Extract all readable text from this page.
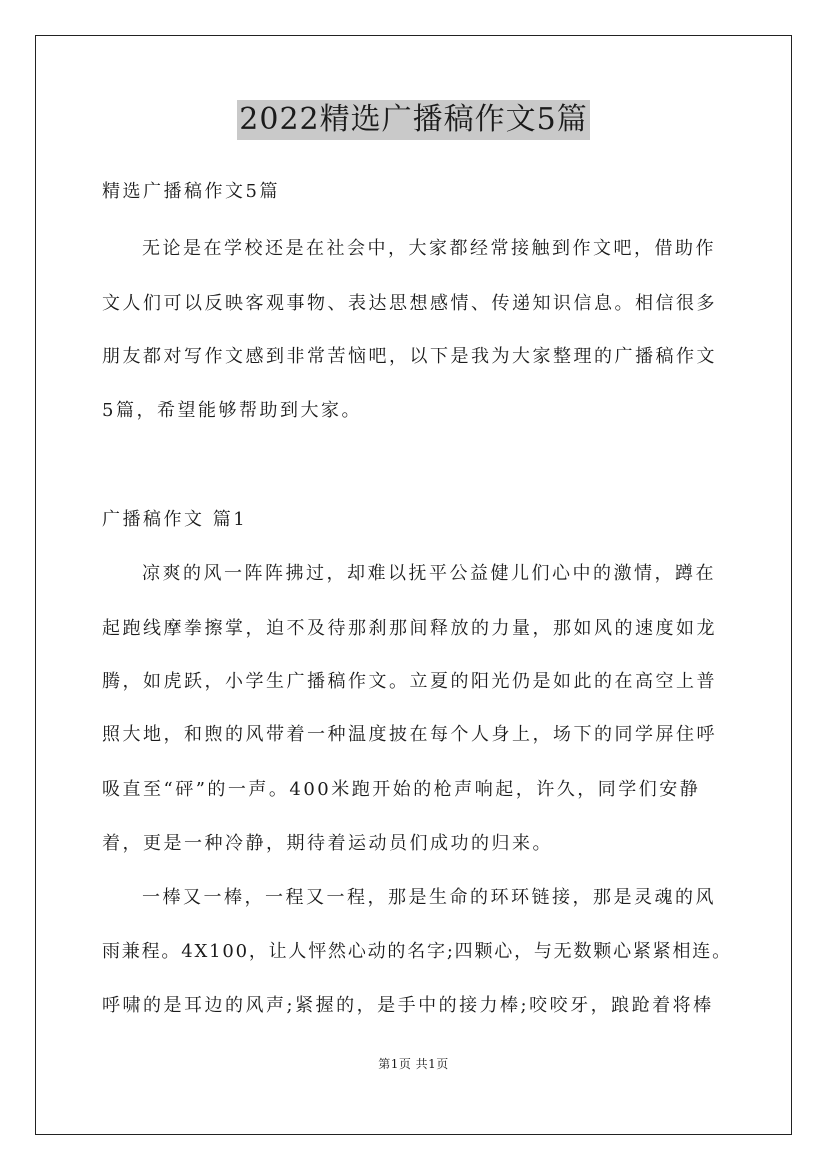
2022精选广播稿作文5篇
精选广播稿作文5篇
无论是在学校还是在社会中，大家都经常接触到作文吧，借助作
文人们可以反映客观事物、表达思想感情、传递知识信息。相信很多
朋友都对写作文感到非常苦恼吧，以下是我为大家整理的广播稿作文
5篇，希望能够帮助到大家。
广播稿作文 篇1
凉爽的风一阵阵拂过，却难以抚平公益健儿们心中的激情，蹲在
起跑线摩拳擦掌，迫不及待那刹那间释放的力量，那如风的速度如龙
腾，如虎跃，小学生广播稿作文。立夏的阳光仍是如此的在高空上普
照大地，和煦的风带着一种温度披在每个人身上，场下的同学屏住呼
吸直至“砰”的一声。400米跑开始的枪声响起，许久，同学们安静
着，更是一种冷静，期待着运动员们成功的归来。
一棒又一棒，一程又一程，那是生命的环环链接，那是灵魂的风
雨兼程。4X100，让人怦然心动的名字;四颗心，与无数颗心紧紧相连。
呼啸的是耳边的风声;紧握的，是手中的接力棒;咬咬牙，踉跄着将棒
第1页 共1页
